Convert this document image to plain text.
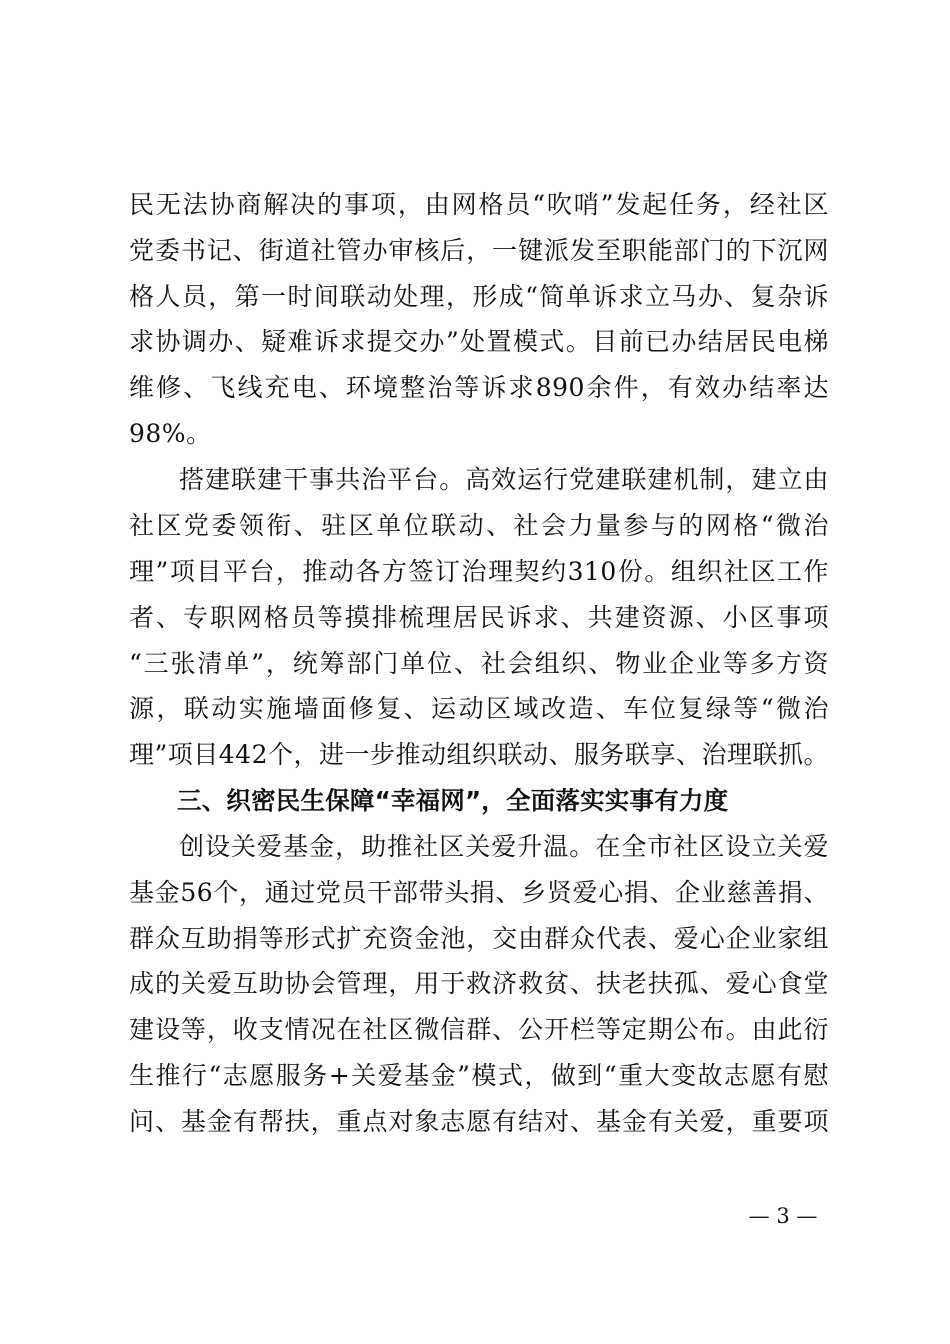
民无法协商解决的事项，由网格员“吹哨”发起任务，经社区
党委书记、街道社管办审核后，一键派发至职能部门的下沉网
格人员，第一时间联动处理，形成“简单诉求立马办、复杂诉
求协调办、疑难诉求提交办”处置模式。目前已办结居民电梯
维修、飞线充电、环境整治等诉求890余件，有效办结率达
98%。
搭建联建干事共治平台。高效运行党建联建机制，建立由
社区党委领衔、驻区单位联动、社会力量参与的网格“微治
理”项目平台，推动各方签订治理契约310份。组织社区工作
者、专职网格员等摸排梳理居民诉求、共建资源、小区事项
“三张清单”，统筹部门单位、社会组织、物业企业等多方资
源，联动实施墙面修复、运动区域改造、车位复绿等“微治
理”项目442个，进一步推动组织联动、服务联享、治理联抓。
三、织密民生保障“幸福网”，全面落实实事有力度
创设关爱基金，助推社区关爱升温。在全市社区设立关爱
基金56个，通过党员干部带头捐、乡贤爱心捐、企业慈善捐、
群众互助捐等形式扩充资金池，交由群众代表、爱心企业家组
成的关爱互助协会管理，用于救济救贫、扶老扶孤、爱心食堂
建设等，收支情况在社区微信群、公开栏等定期公布。由此衍
生推行“志愿服务+关爱基金”模式，做到“重大变故志愿有慰
问、基金有帮扶，重点对象志愿有结对、基金有关爱，重要项
— 3 —
